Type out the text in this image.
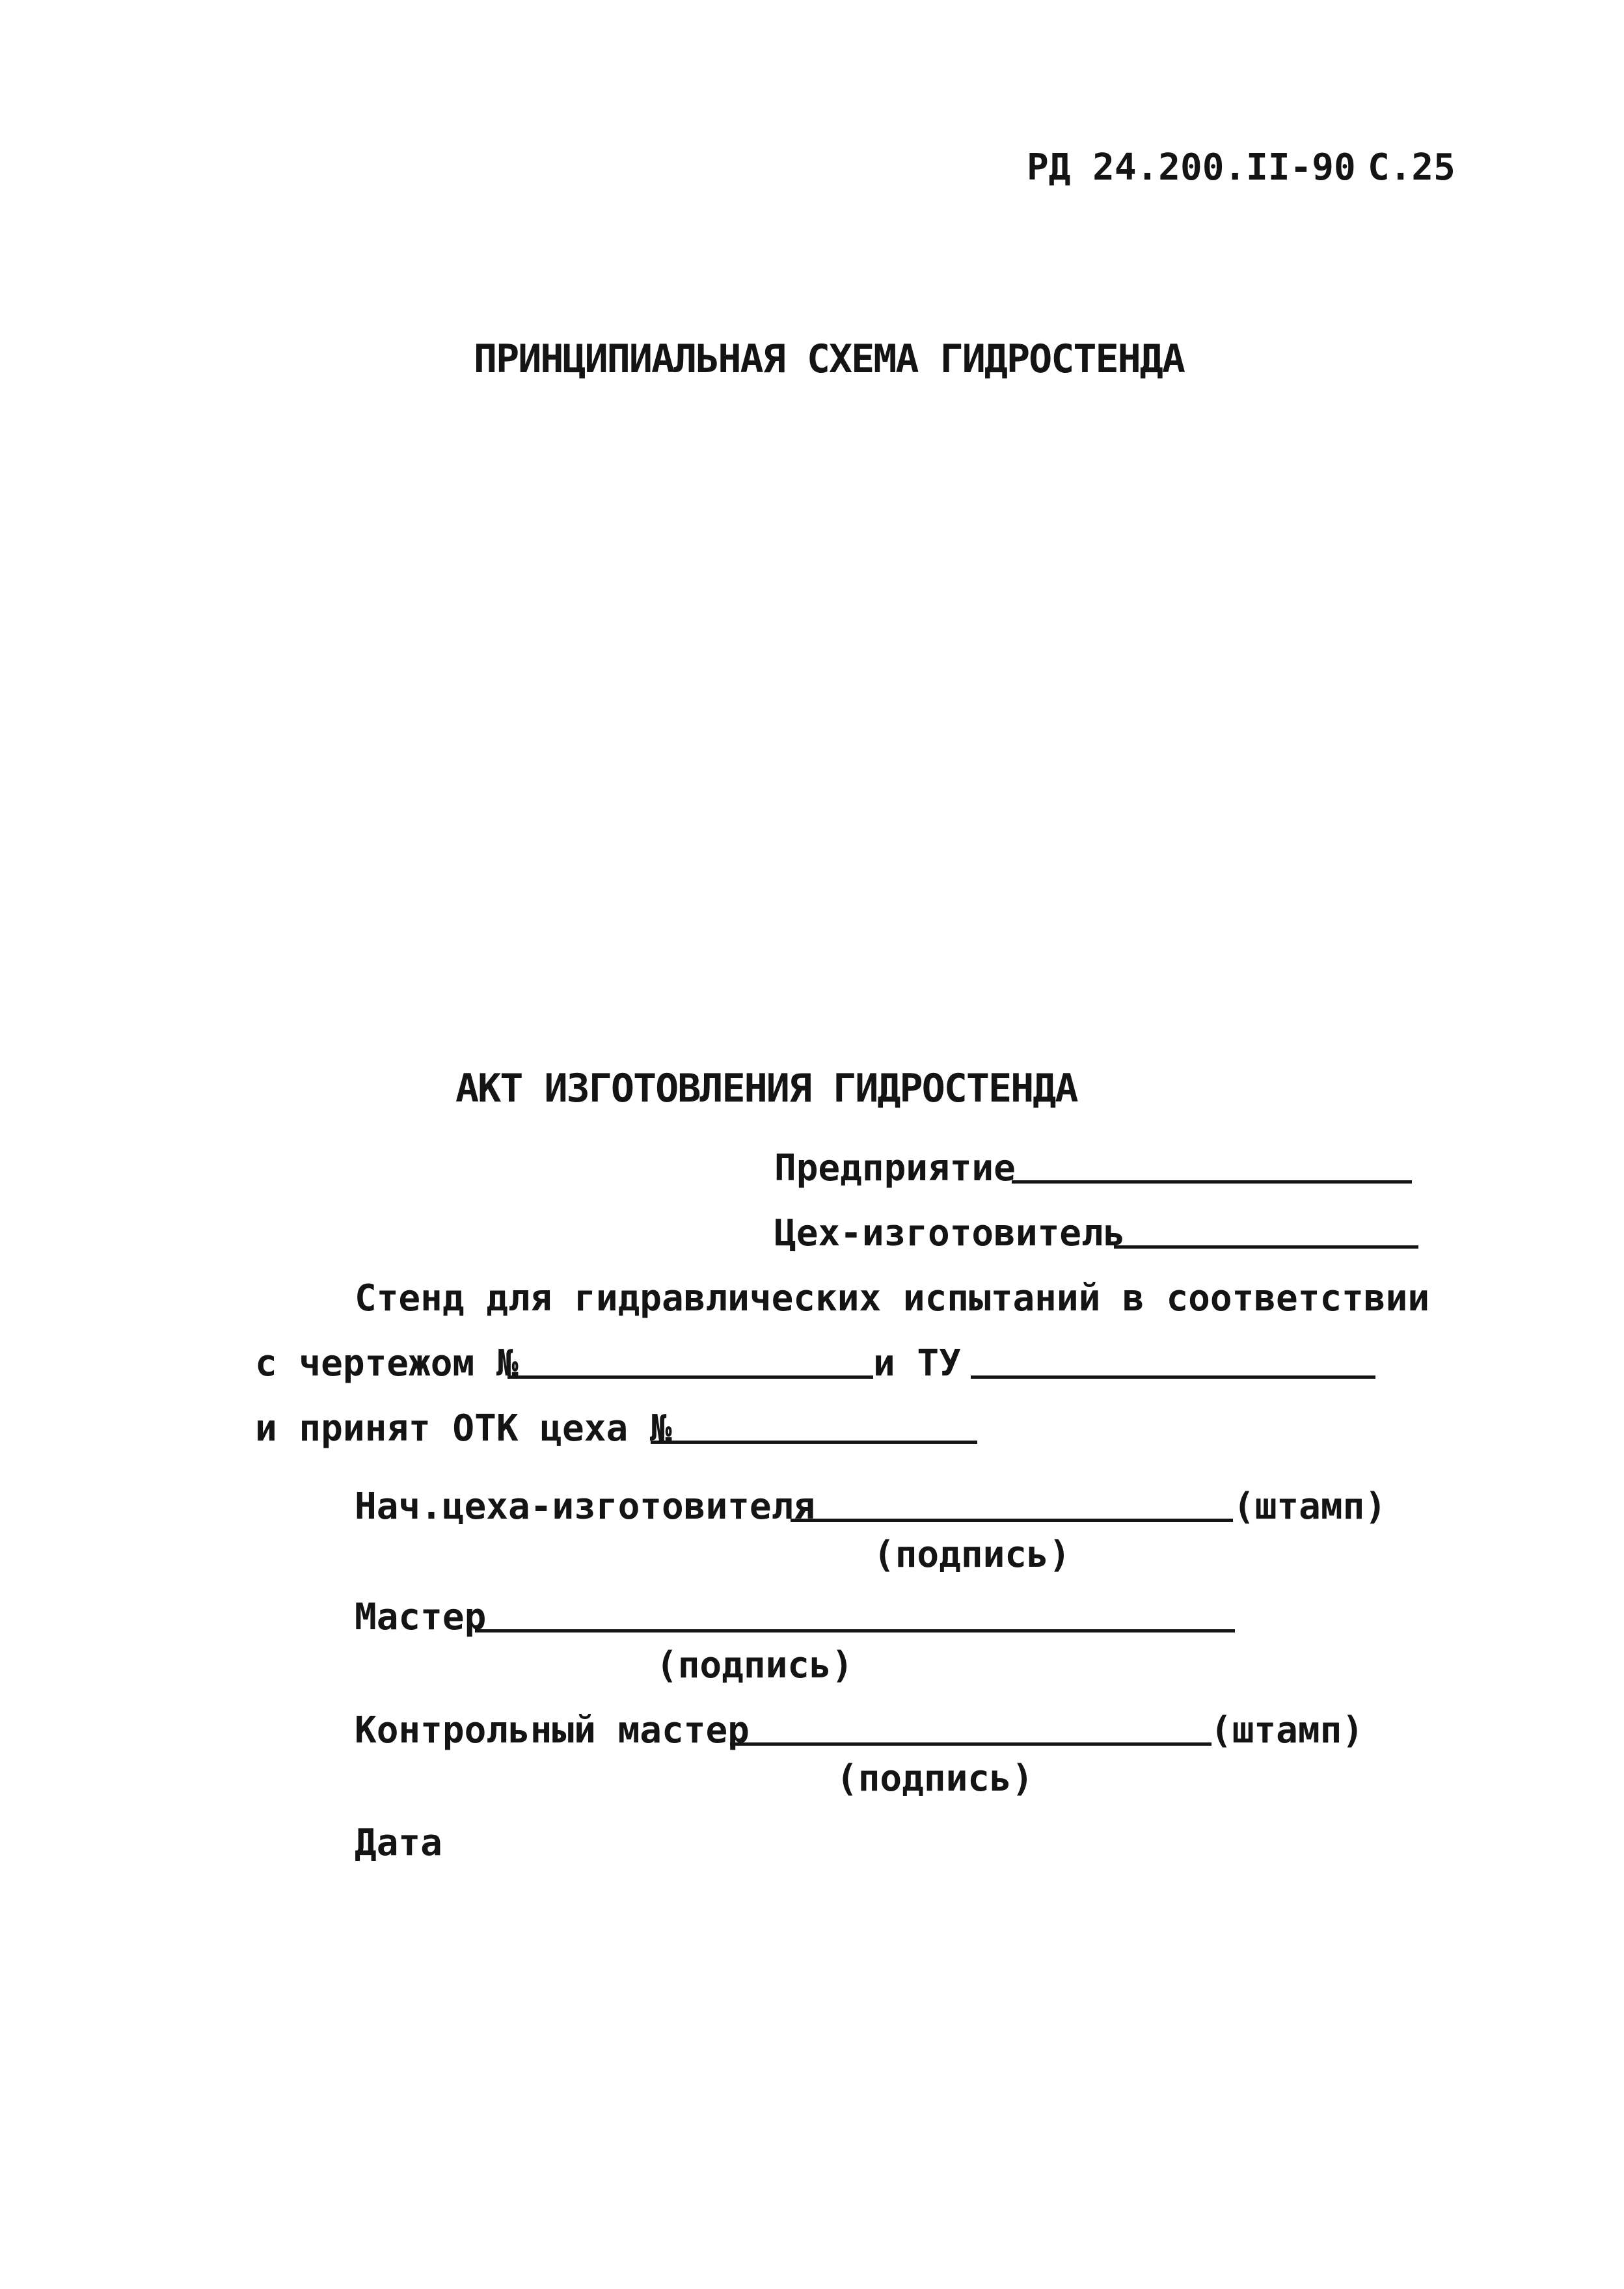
РД 24.200.II-90 С.25
ПРИНЦИПИАЛЬНАЯ СХЕМА ГИДРОСТЕНДА
АКТ ИЗГОТОВЛЕНИЯ ГИДРОСТЕНДА
Предприятие
Цех-изготовитель
Стенд для гидравлических испытаний в соответствии
с чертежом №	и ТУ
и принят ОТК цеха №
Нач.цеха-изготовителя	(штамп)
(подпись)
Мастер
(подпись)
Контрольный мастер	(штамп)
(подпись)
Дата
